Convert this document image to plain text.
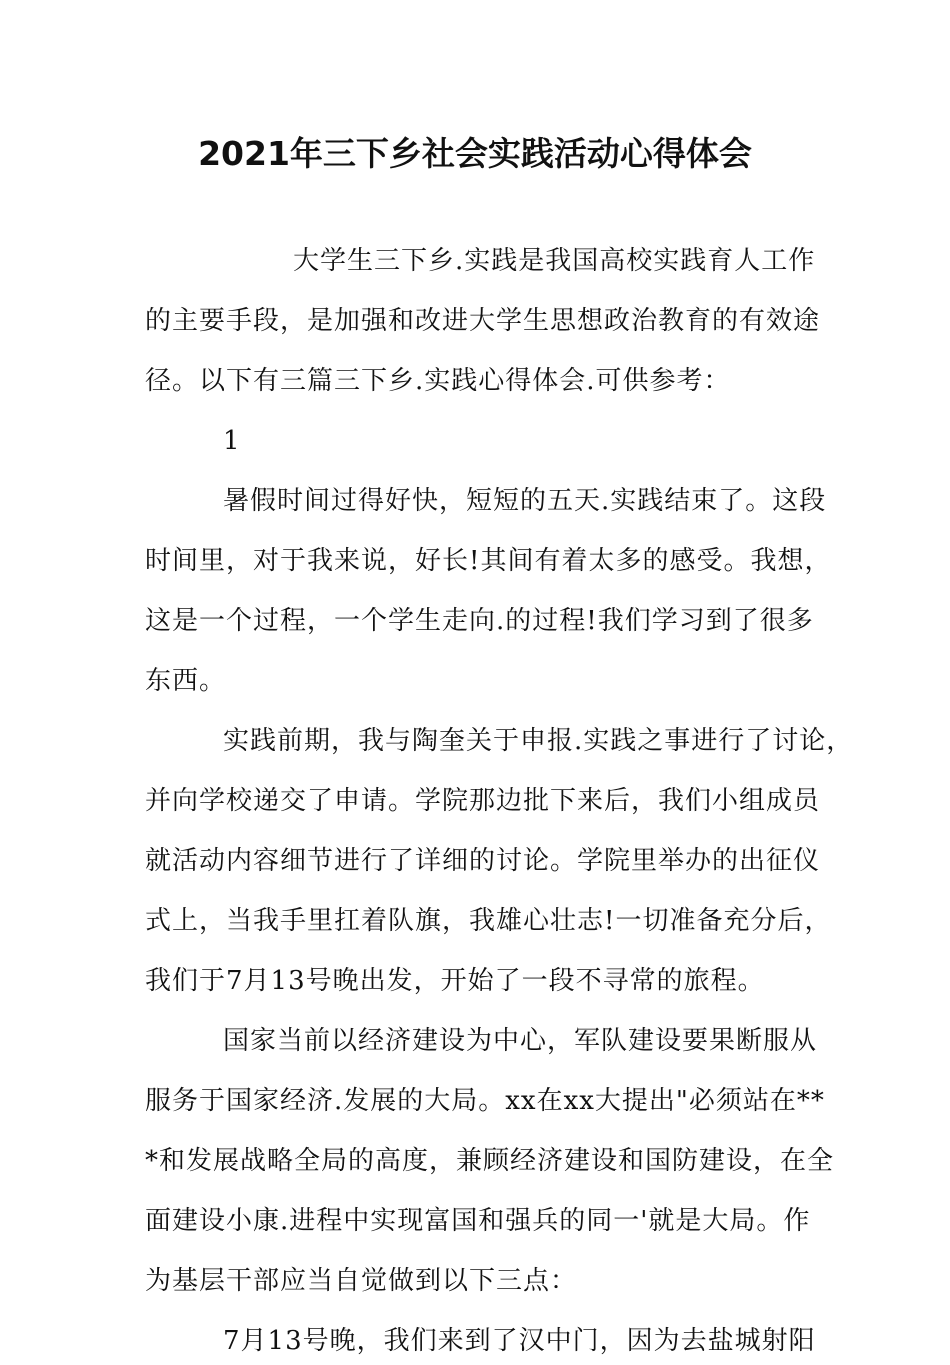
2021年三下乡社会实践活动心得体会

大学生三下乡.实践是我国高校实践育人工作

的主要手段，是加强和改进大学生思想政治教育的有效途

径。以下有三篇三下乡.实践心得体会.可供参考：

1

暑假时间过得好快，短短的五天.实践结束了。这段

时间里，对于我来说，好长!其间有着太多的感受。我想，

这是一个过程，一个学生走向.的过程!我们学习到了很多

东西。

实践前期，我与陶奎关于申报.实践之事进行了讨论，

并向学校递交了申请。学院那边批下来后，我们小组成员

就活动内容细节进行了详细的讨论。学院里举办的出征仪

式上，当我手里扛着队旗，我雄心壮志!一切准备充分后，

我们于7月13号晚出发，开始了一段不寻常的旅程。

国家当前以经济建设为中心，军队建设要果断服从

服务于国家经济.发展的大局。xx在xx大提出"必须站在**

*和发展战略全局的高度，兼顾经济建设和国防建设，在全

面建设小康.进程中实现富国和强兵的同一'就是大局。作

为基层干部应当自觉做到以下三点：

7月13号晚，我们来到了汉中门，因为去盐城射阳
